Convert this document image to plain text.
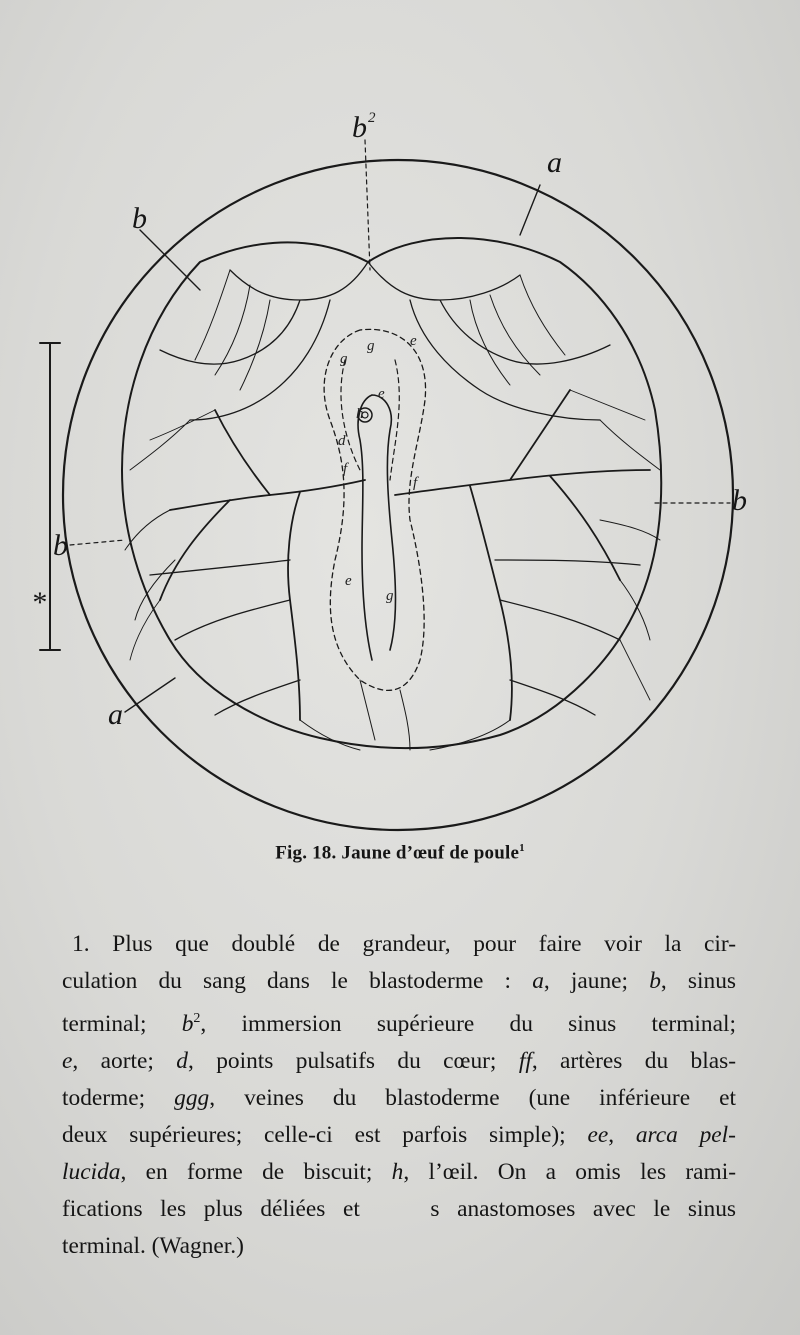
b 2
a
b
b
b
a
*
g
g
g
e
e
e
h
d
f
f
Fig. 18. Jaune d’œuf de poule$^1$
1. Plus que doublé de grandeur, pour faire voir la cir-
culation du sang dans le blastoderme : a, jaune; b, sinus
terminal; $b^2$, immersion supérieure du sinus terminal;
e, aorte; d, points pulsatifs du cœur; ff, artères du blas-
toderme; ggg, veines du blastoderme (une inférieure et
deux supérieures; celle-ci est parfois simple); ee, arca pel-
lucida, en forme de biscuit; h, l’œil. On a omis les rami-
fications les plus déliées et    s anastomoses avec le sinus
terminal. (Wagner.)
